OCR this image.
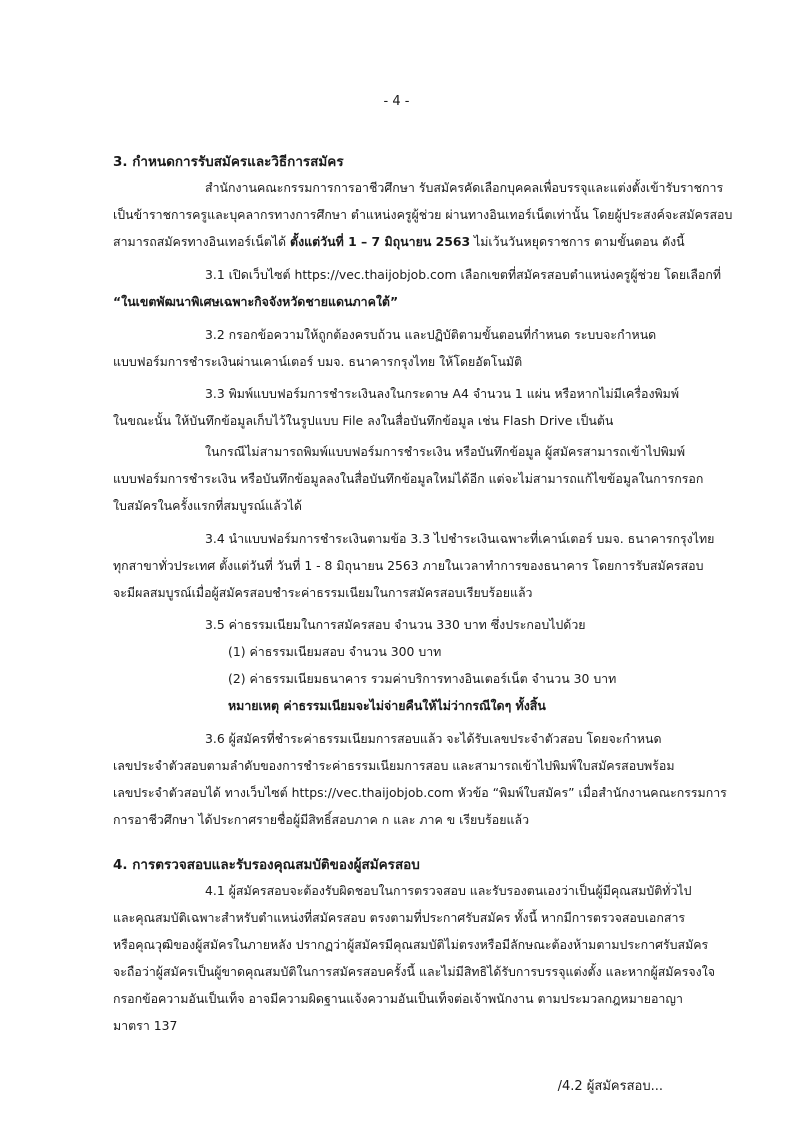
- 4 -
3. กำหนดการรับสมัครและวิธีการสมัคร
สำนักงานคณะกรรมการการอาชีวศึกษา รับสมัครคัดเลือกบุคคลเพื่อบรรจุและแต่งตั้งเข้ารับราชการ
เป็นข้าราชการครูและบุคลากรทางการศึกษา ตำแหน่งครูผู้ช่วย ผ่านทางอินเทอร์เน็ตเท่านั้น โดยผู้ประสงค์จะสมัครสอบ
สามารถสมัครทางอินเทอร์เน็ตได้ ตั้งแต่วันที่ 1 – 7 มิถุนายน 2563 ไม่เว้นวันหยุดราชการ ตามขั้นตอน ดังนี้
3.1 เปิดเว็บไซต์ https://vec.thaijobjob.com เลือกเขตที่สมัครสอบตำแหน่งครูผู้ช่วย โดยเลือกที่
“ในเขตพัฒนาพิเศษเฉพาะกิจจังหวัดชายแดนภาคใต้”
3.2 กรอกข้อความให้ถูกต้องครบถ้วน และปฏิบัติตามขั้นตอนที่กำหนด ระบบจะกำหนด
แบบฟอร์มการชำระเงินผ่านเคาน์เตอร์ บมจ. ธนาคารกรุงไทย ให้โดยอัตโนมัติ
3.3 พิมพ์แบบฟอร์มการชำระเงินลงในกระดาษ A4 จำนวน 1 แผ่น หรือหากไม่มีเครื่องพิมพ์
ในขณะนั้น ให้บันทึกข้อมูลเก็บไว้ในรูปแบบ File ลงในสื่อบันทึกข้อมูล เช่น Flash Drive เป็นต้น
ในกรณีไม่สามารถพิมพ์แบบฟอร์มการชำระเงิน หรือบันทึกข้อมูล ผู้สมัครสามารถเข้าไปพิมพ์
แบบฟอร์มการชำระเงิน หรือบันทึกข้อมูลลงในสื่อบันทึกข้อมูลใหม่ได้อีก แต่จะไม่สามารถแก้ไขข้อมูลในการกรอก
ใบสมัครในครั้งแรกที่สมบูรณ์แล้วได้
3.4 นำแบบฟอร์มการชำระเงินตามข้อ 3.3 ไปชำระเงินเฉพาะที่เคาน์เตอร์ บมจ. ธนาคารกรุงไทย
ทุกสาขาทั่วประเทศ ตั้งแต่วันที่ วันที่ 1 - 8 มิถุนายน 2563 ภายในเวลาทำการของธนาคาร โดยการรับสมัครสอบ
จะมีผลสมบูรณ์เมื่อผู้สมัครสอบชำระค่าธรรมเนียมในการสมัครสอบเรียบร้อยแล้ว
3.5 ค่าธรรมเนียมในการสมัครสอบ จำนวน 330 บาท ซึ่งประกอบไปด้วย
(1) ค่าธรรมเนียมสอบ จำนวน 300 บาท
(2) ค่าธรรมเนียมธนาคาร รวมค่าบริการทางอินเตอร์เน็ต จำนวน 30 บาท
หมายเหตุ ค่าธรรมเนียมจะไม่จ่ายคืนให้ไม่ว่ากรณีใดๆ ทั้งสิ้น
3.6 ผู้สมัครที่ชำระค่าธรรมเนียมการสอบแล้ว จะได้รับเลขประจำตัวสอบ โดยจะกำหนด
เลขประจำตัวสอบตามลำดับของการชำระค่าธรรมเนียมการสอบ และสามารถเข้าไปพิมพ์ใบสมัครสอบพร้อม
เลขประจำตัวสอบได้ ทางเว็บไซต์ https://vec.thaijobjob.com หัวข้อ “พิมพ์ใบสมัคร” เมื่อสำนักงานคณะกรรมการ
การอาชีวศึกษา ได้ประกาศรายชื่อผู้มีสิทธิ์สอบภาค ก และ ภาค ข เรียบร้อยแล้ว
4. การตรวจสอบและรับรองคุณสมบัติของผู้สมัครสอบ
4.1 ผู้สมัครสอบจะต้องรับผิดชอบในการตรวจสอบ และรับรองตนเองว่าเป็นผู้มีคุณสมบัติทั่วไป
และคุณสมบัติเฉพาะสำหรับตำแหน่งที่สมัครสอบ ตรงตามที่ประกาศรับสมัคร ทั้งนี้ หากมีการตรวจสอบเอกสาร
หรือคุณวุฒิของผู้สมัครในภายหลัง ปรากฏว่าผู้สมัครมีคุณสมบัติไม่ตรงหรือมีลักษณะต้องห้ามตามประกาศรับสมัคร
จะถือว่าผู้สมัครเป็นผู้ขาดคุณสมบัติในการสมัครสอบครั้งนี้ และไม่มีสิทธิได้รับการบรรจุแต่งตั้ง และหากผู้สมัครจงใจ
กรอกข้อความอันเป็นเท็จ อาจมีความผิดฐานแจ้งความอันเป็นเท็จต่อเจ้าพนักงาน ตามประมวลกฎหมายอาญา
มาตรา 137
/4.2 ผู้สมัครสอบ...
